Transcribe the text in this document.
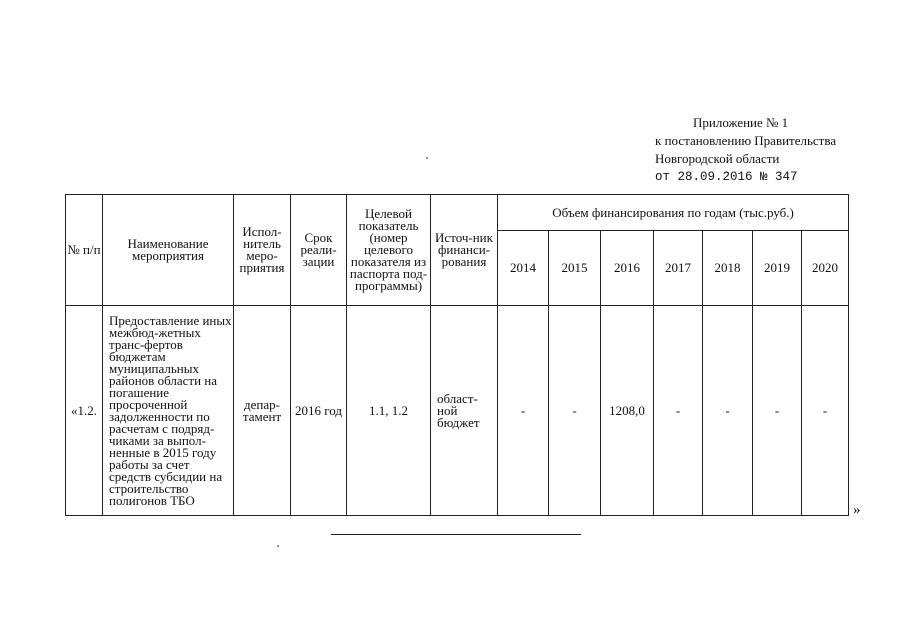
Приложение № 1
к постановлению Правительства
Новгородской области
от 28.09.2016 № 347
№ п/п	Наименование мероприятия	Испол-нитель меро-приятия	Срок реали-зации	Целевой показатель (номер целевого показателя из паспорта под-программы)	Источ-ник финанси-рования	Объем финансирования по годам (тыс.руб.)						
						2014	2015	2016	2017	2018	2019	2020
«1.2.	Предоставление иных межбюд-жетных транс-фертов бюджетам муниципальных районов области на погашение просроченной задолженности по расчетам с подряд-чиками за выпол-ненные в 2015 году работы за счет средств субсидии на строительство полигонов ТБО	депар-тамент	2016 год	1.1, 1.2	област-ной бюджет	-	-	1208,0	-	-	-	-
»
